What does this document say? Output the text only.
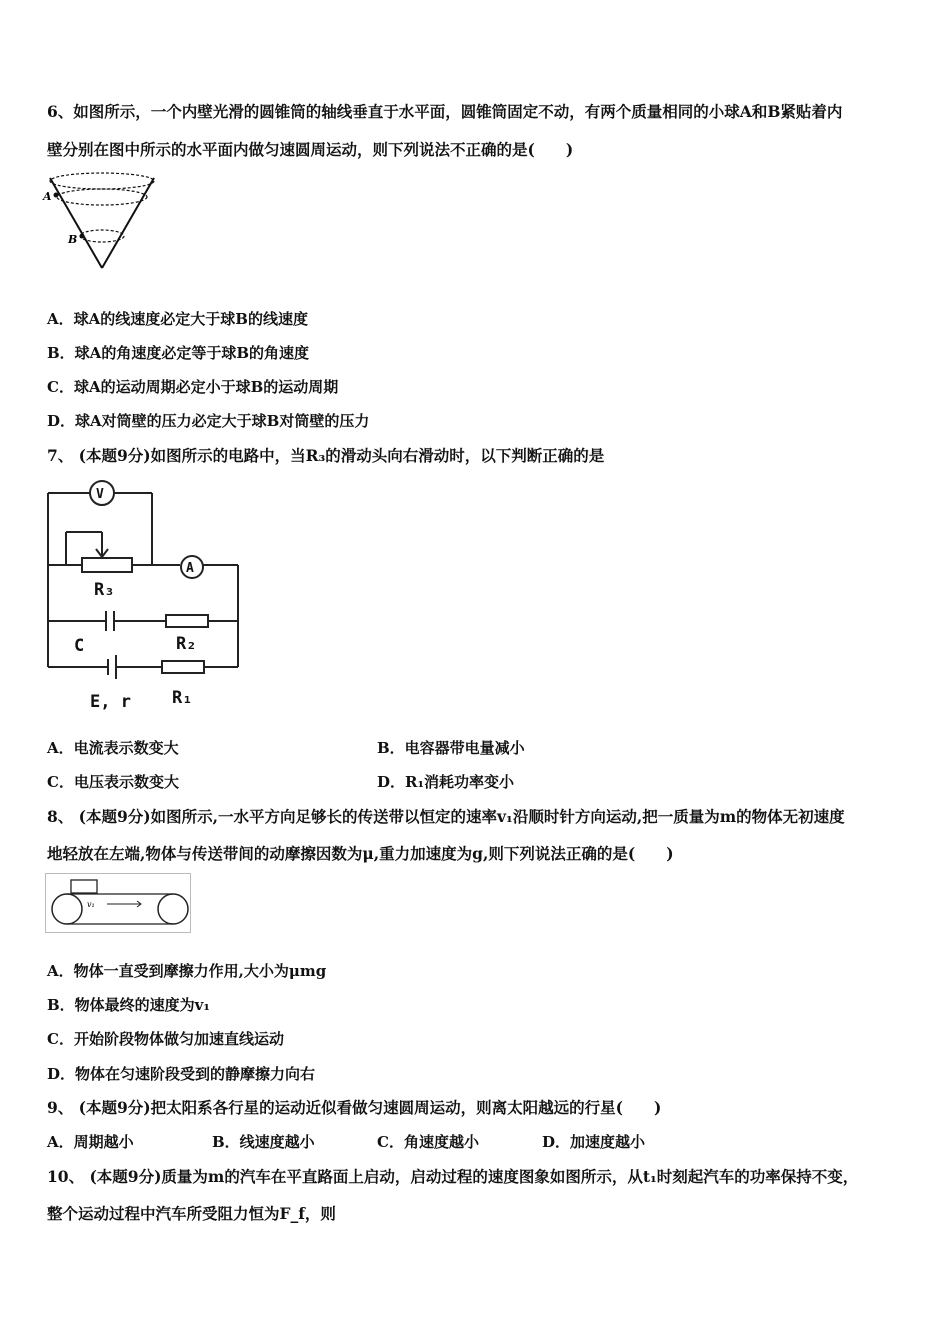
6、如图所示，一个内壁光滑的圆锥筒的轴线垂直于水平面，圆锥筒固定不动，有两个质量相同的小球A和B紧贴着内
壁分别在图中所示的水平面内做匀速圆周运动，则下列说法不正确的是(　　)
A
B
A．球A的线速度必定大于球B的线速度
B．球A的角速度必定等于球B的角速度
C．球A的运动周期必定小于球B的运动周期
D．球A对筒壁的压力必定大于球B对筒壁的压力
7、 (本题9分)如图所示的电路中，当R₃的滑动头向右滑动时，以下判断正确的是
V
A
R₃
C	R₂
E, r R₁
A．电流表示数变大	B．电容器带电量减小
C．电压表示数变大	D．R₁消耗功率变小
8、 (本题9分)如图所示,一水平方向足够长的传送带以恒定的速率v₁沿顺时针方向运动,把一质量为m的物体无初速度
地轻放在左端,物体与传送带间的动摩擦因数为μ,重力加速度为g,则下列说法正确的是(　　)
v₁
A．物体一直受到摩擦力作用,大小为μmg
B．物体最终的速度为v₁
C．开始阶段物体做匀加速直线运动
D．物体在匀速阶段受到的静摩擦力向右
9、 (本题9分)把太阳系各行星的运动近似看做匀速圆周运动，则离太阳越远的行星(　　)
A．周期越小	B．线速度越小	C．角速度越小	D．加速度越小
10、 (本题9分)质量为m的汽车在平直路面上启动，启动过程的速度图象如图所示，从t₁时刻起汽车的功率保持不变，
整个运动过程中汽车所受阻力恒为F_f，则
